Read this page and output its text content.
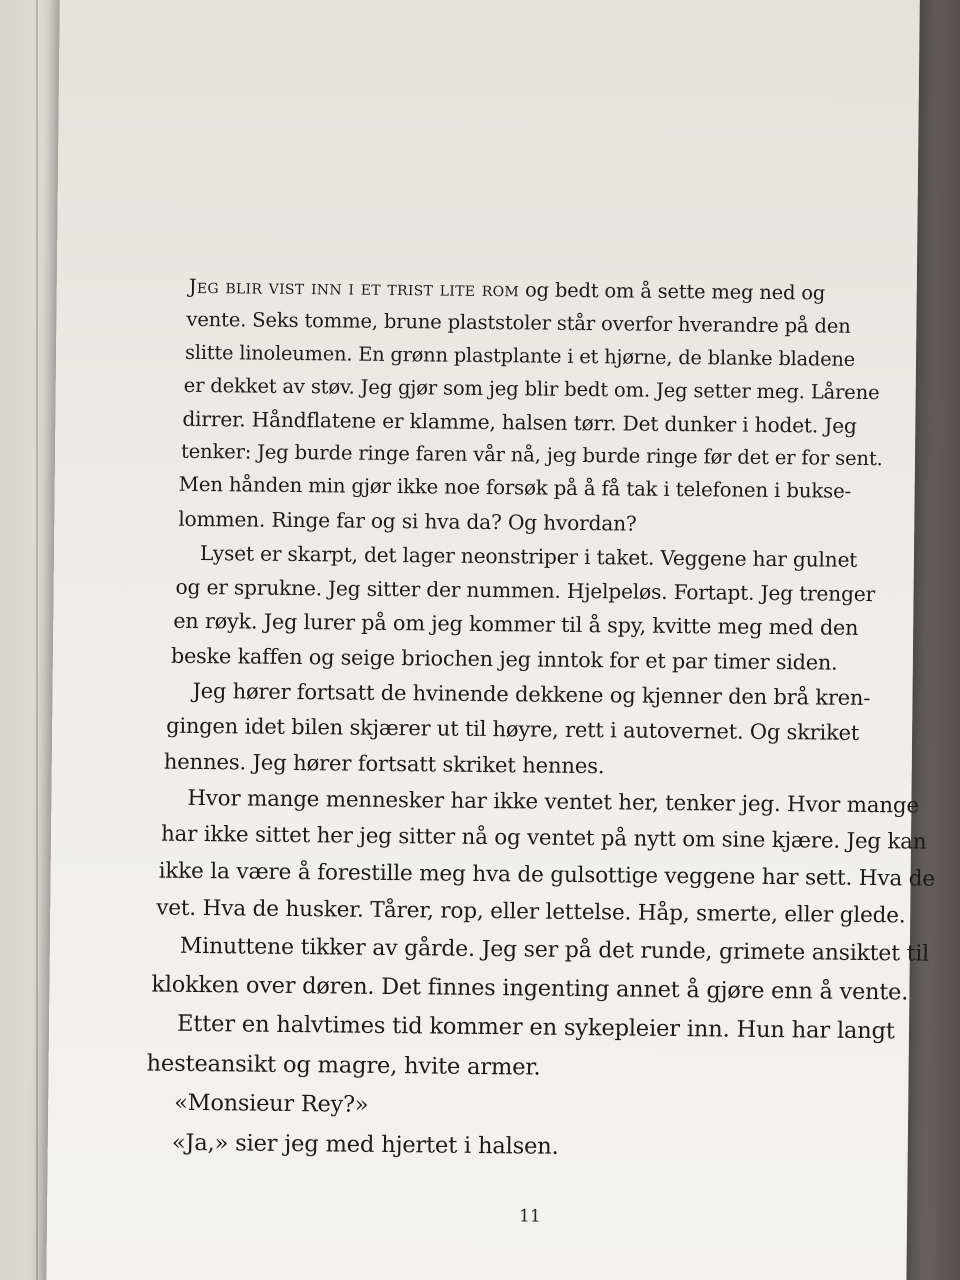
Jeg blir vist inn i et trist lite rom og bedt om å sette meg ned og
vente. Seks tomme, brune plaststoler står overfor hverandre på den
slitte linoleumen. En grønn plastplante i et hjørne, de blanke bladene
er dekket av støv. Jeg gjør som jeg blir bedt om. Jeg setter meg. Lårene
dirrer. Håndflatene er klamme, halsen tørr. Det dunker i hodet. Jeg
tenker: Jeg burde ringe faren vår nå, jeg burde ringe før det er for sent.
Men hånden min gjør ikke noe forsøk på å få tak i telefonen i bukse-
lommen. Ringe far og si hva da? Og hvordan?
Lyset er skarpt, det lager neonstriper i taket. Veggene har gulnet
og er sprukne. Jeg sitter der nummen. Hjelpeløs. Fortapt. Jeg trenger
en røyk. Jeg lurer på om jeg kommer til å spy, kvitte meg med den
beske kaffen og seige briochen jeg inntok for et par timer siden.
Jeg hører fortsatt de hvinende dekkene og kjenner den brå kren-
gingen idet bilen skjærer ut til høyre, rett i autovernet. Og skriket
hennes. Jeg hører fortsatt skriket hennes.
Hvor mange mennesker har ikke ventet her, tenker jeg. Hvor mange
har ikke sittet her jeg sitter nå og ventet på nytt om sine kjære. Jeg kan
ikke la være å forestille meg hva de gulsottige veggene har sett. Hva de
vet. Hva de husker. Tårer, rop, eller lettelse. Håp, smerte, eller glede.
Minuttene tikker av gårde. Jeg ser på det runde, grimete ansiktet til
klokken over døren. Det finnes ingenting annet å gjøre enn å vente.
Etter en halvtimes tid kommer en sykepleier inn. Hun har langt
hesteansikt og magre, hvite armer.
«Monsieur Rey?»
«Ja,» sier jeg med hjertet i halsen.
11
